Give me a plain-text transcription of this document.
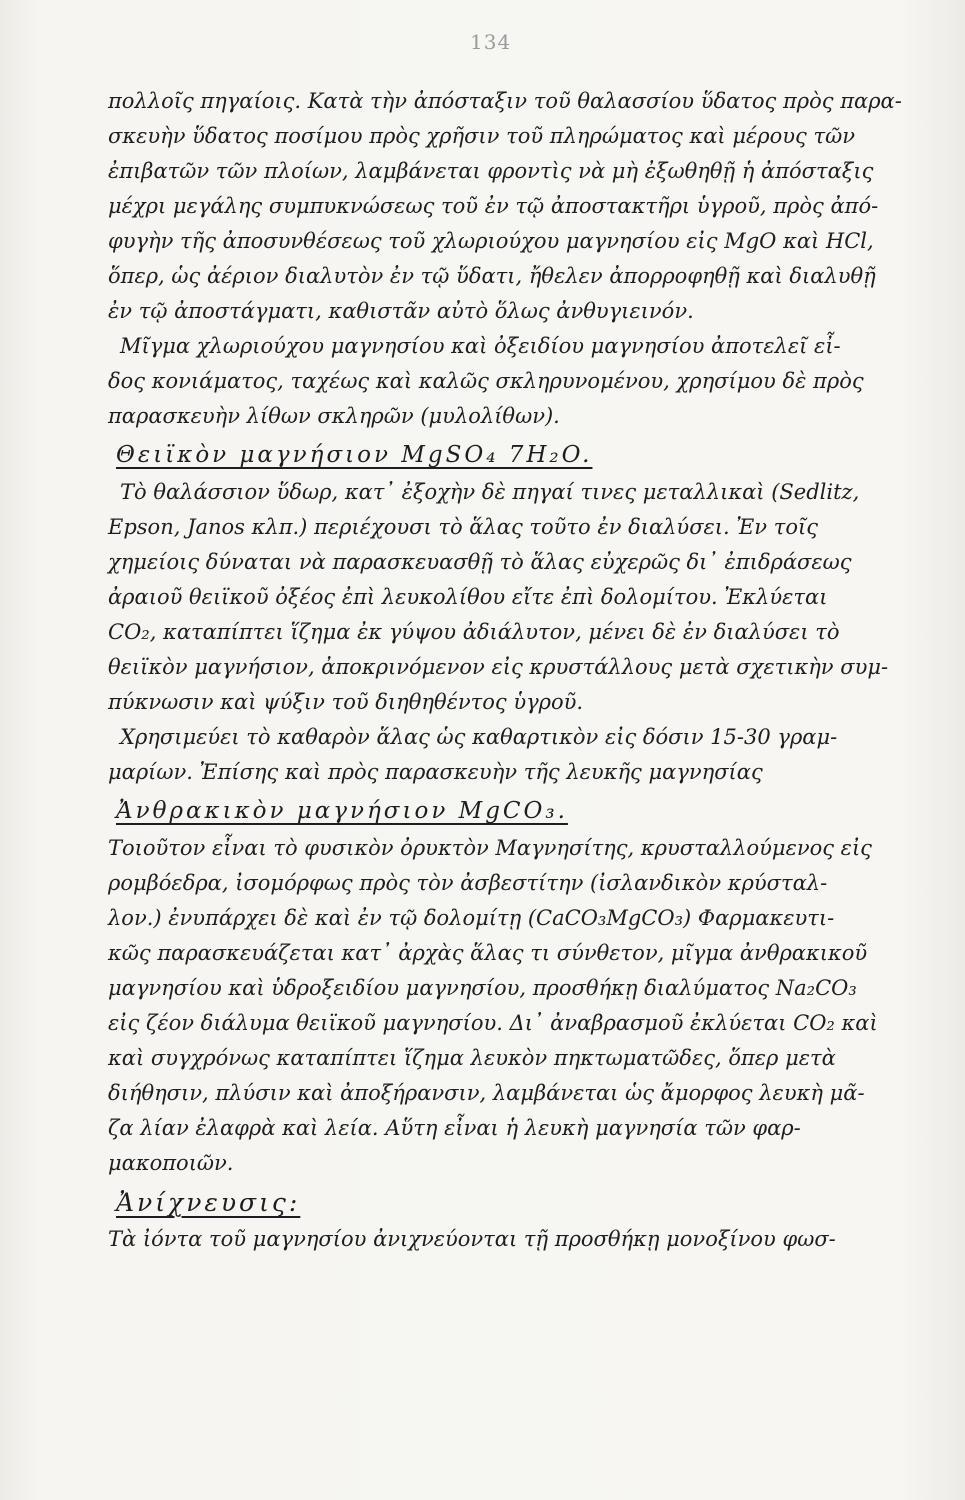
134
πολλοῖς πηγαίοις. Κατὰ τὴν ἀπόσταξιν τοῦ θαλασσίου ὕδατος πρὸς παρα-
σκευὴν ὕδατος ποσίμου πρὸς χρῆσιν τοῦ πληρώματος καὶ μέρους τῶν
ἐπιβατῶν τῶν πλοίων, λαμβάνεται φροντὶς νὰ μὴ ἐξωθηθῇ ἡ ἀπόσταξις
μέχρι μεγάλης συμπυκνώσεως τοῦ ἐν τῷ ἀποστακτῆρι ὑγροῦ, πρὸς ἀπό-
φυγὴν τῆς ἀποσυνθέσεως τοῦ χλωριούχου μαγνησίου εἰς MgO καὶ HCl,
ὅπερ, ὡς ἀέριον διαλυτὸν ἐν τῷ ὕδατι, ἤθελεν ἀπορροφηθῇ καὶ διαλυθῇ
ἐν τῷ ἀποστάγματι, καθιστᾶν αὐτὸ ὅλως ἀνθυγιεινόν.
Μῖγμα χλωριούχου μαγνησίου καὶ ὀξειδίου μαγνησίου ἀποτελεῖ εἶ-
δος κονιάματος, ταχέως καὶ καλῶς σκληρυνομένου, χρησίμου δὲ πρὸς
παρασκευὴν λίθων σκληρῶν (μυλολίθων).
Θειϊκὸν μαγνήσιον MgSO₄ 7H₂O.
Τὸ θαλάσσιον ὕδωρ, κατ᾽ ἐξοχὴν δὲ πηγαί τινες μεταλλικαὶ (Sedlitz,
Epson, Janos κλπ.) περιέχουσι τὸ ἅλας τοῦτο ἐν διαλύσει. Ἐν τοῖς
χημείοις δύναται νὰ παρασκευασθῇ τὸ ἅλας εὐχερῶς δι᾽ ἐπιδράσεως
ἀραιοῦ θειϊκοῦ ὀξέος ἐπὶ λευκολίθου εἴτε ἐπὶ δολομίτου. Ἐκλύεται
CO₂, καταπίπτει ἵζημα ἐκ γύψου ἀδιάλυτον, μένει δὲ ἐν διαλύσει τὸ
θειϊκὸν μαγνήσιον, ἀποκρινόμενον εἰς κρυστάλλους μετὰ σχετικὴν συμ-
πύκνωσιν καὶ ψύξιν τοῦ διηθηθέντος ὑγροῦ.
Χρησιμεύει τὸ καθαρὸν ἅλας ὡς καθαρτικὸν εἰς δόσιν 15-30 γραμ-
μαρίων. Ἐπίσης καὶ πρὸς παρασκευὴν τῆς λευκῆς μαγνησίας
Ἀνθρακικὸν μαγνήσιον MgCO₃.
Τοιοῦτον εἶναι τὸ φυσικὸν ὀρυκτὸν Μαγνησίτης, κρυσταλλούμενος εἰς
ρομβόεδρα, ἰσομόρφως πρὸς τὸν ἀσβεστίτην (ἰσλανδικὸν κρύσταλ-
λον.) ἐνυπάρχει δὲ καὶ ἐν τῷ δολομίτῃ (CaCO₃MgCO₃) Φαρμακευτι-
κῶς παρασκευάζεται κατ᾽ ἀρχὰς ἅλας τι σύνθετον, μῖγμα ἀνθρακικοῦ
μαγνησίου καὶ ὑδροξειδίου μαγνησίου, προσθήκῃ διαλύματος Na₂CO₃
εἰς ζέον διάλυμα θειϊκοῦ μαγνησίου. Δι᾽ ἀναβρασμοῦ ἐκλύεται CO₂ καὶ
καὶ συγχρόνως καταπίπτει ἵζημα λευκὸν πηκτωματῶδες, ὅπερ μετὰ
διήθησιν, πλύσιν καὶ ἀποξήρανσιν, λαμβάνεται ὡς ἄμορφος λευκὴ μᾶ-
ζα λίαν ἐλαφρὰ καὶ λεία. Αὕτη εἶναι ἡ λευκὴ μαγνησία τῶν φαρ-
μακοποιῶν.
Ἀνίχνευσις:
Τὰ ἰόντα τοῦ μαγνησίου ἀνιχνεύονται τῇ προσθήκῃ μονοξίνου φωσ-
